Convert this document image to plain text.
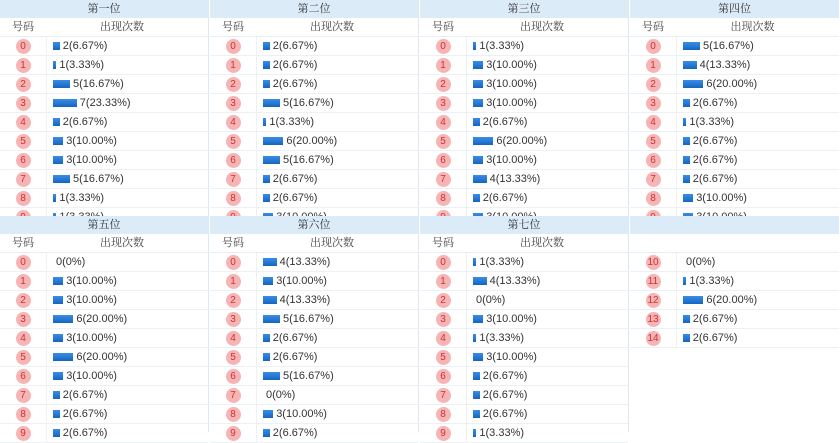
第一位
号码	出现次数
0	2(6.67%)
1	1(3.33%)
2	5(16.67%)
3	7(23.33%)
4	2(6.67%)
5	3(10.00%)
6	3(10.00%)
7	5(16.67%)
8	1(3.33%)
第二位
号码	出现次数
0	2(6.67%)
1	2(6.67%)
2	2(6.67%)
3	5(16.67%)
4	1(3.33%)
5	6(20.00%)
6	5(16.67%)
7	2(6.67%)
8	2(6.67%)
第三位
号码	出现次数
0	1(3.33%)
1	3(10.00%)
2	3(10.00%)
3	3(10.00%)
4	2(6.67%)
5	6(20.00%)
6	3(10.00%)
7	4(13.33%)
8	2(6.67%)
第四位
号码	出现次数
0	5(16.67%)
1	4(13.33%)
2	6(20.00%)
3	2(6.67%)
4	1(3.33%)
5	2(6.67%)
6	2(6.67%)
7	2(6.67%)
8	3(10.00%)
第五位
号码	出现次数
0	0(0%)
1	3(10.00%)
2	3(10.00%)
3	6(20.00%)
4	3(10.00%)
5	6(20.00%)
6	3(10.00%)
7	2(6.67%)
8	2(6.67%)
9	2(6.67%)
第六位
号码	出现次数
0	4(13.33%)
1	3(10.00%)
2	4(13.33%)
3	5(16.67%)
4	2(6.67%)
5	2(6.67%)
6	5(16.67%)
7	0(0%)
8	3(10.00%)
9	2(6.67%)
第七位
号码	出现次数
0	1(3.33%)
1	4(13.33%)
2	0(0%)
3	3(10.00%)
4	1(3.33%)
5	3(10.00%)
6	2(6.67%)
7	2(6.67%)
8	2(6.67%)
9	1(3.33%)
10 0(0%)
11	1(3.33%)
12	6(20.00%)
13	2(6.67%)
14	2(6.67%)
